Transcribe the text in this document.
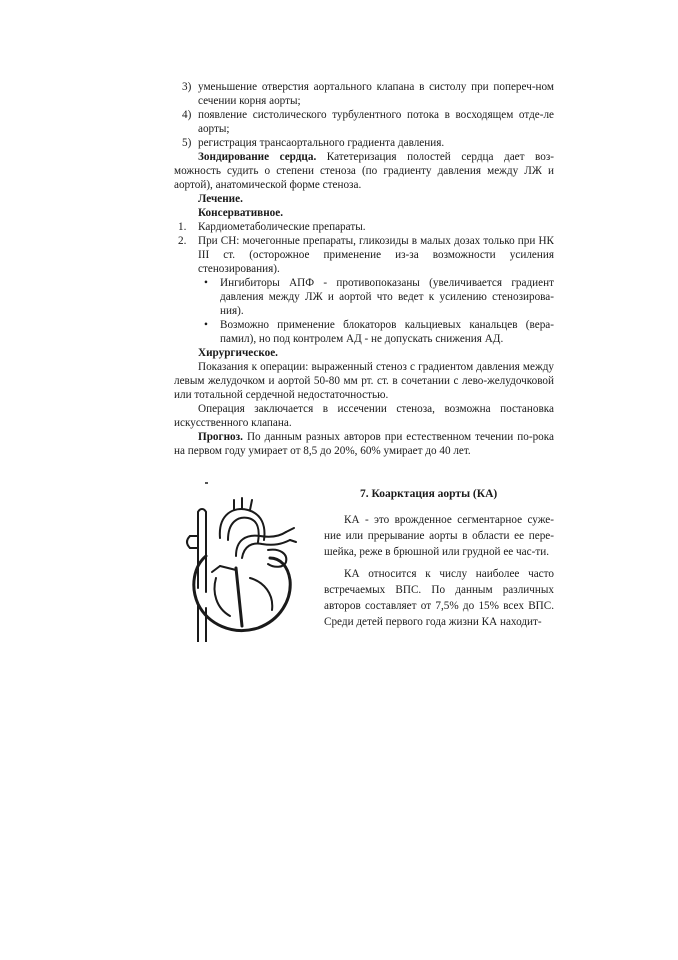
3) уменьшение отверстия аортального клапана в систолу при попереч-ном сечении корня аорты;
4) появление систолического турбулентного потока в восходящем отде-ле аорты;
5) регистрация трансаортального градиента давления.
Зондирование сердца. Катетеризация полостей сердца дает воз-можность судить о степени стеноза (по градиенту давления между ЛЖ и аортой), анатомической форме стеноза.
Лечение.
Консервативное.
1. Кардиометаболические препараты.
2. При СН: мочегонные препараты, гликозиды в малых дозах только при НК III ст. (осторожное применение из-за возможности усиления стенозирования).
• Ингибиторы АПФ - противопоказаны (увеличивается градиент давления между ЛЖ и аортой что ведет к усилению стенозирова-ния).
• Возможно применение блокаторов кальциевых канальцев (вера-памил), но под контролем АД - не допускать снижения АД.
Хирургическое.
Показания к операции: выраженный стеноз с градиентом давления между левым желудочком и аортой 50-80 мм рт. ст. в сочетании с лево-желудочковой или тотальной сердечной недостаточностью.
Операция заключается в иссечении стеноза, возможна постановка искусственного клапана.
Прогноз. По данным разных авторов при естественном течении по-рока на первом году умирает от 8,5 до 20%, 60% умирает до 40 лет.
7. Коарктация аорты (КА)

КА - это врожденное сегментарное суже-ние или прерывание аорты в области ее пере-шейка, реже в брюшной или грудной ее час-ти.

КА относится к числу наиболее часто встречаемых ВПС. По данным различных авторов составляет от 7,5% до 15% всех ВПС. Среди детей первого года жизни КА находит-
